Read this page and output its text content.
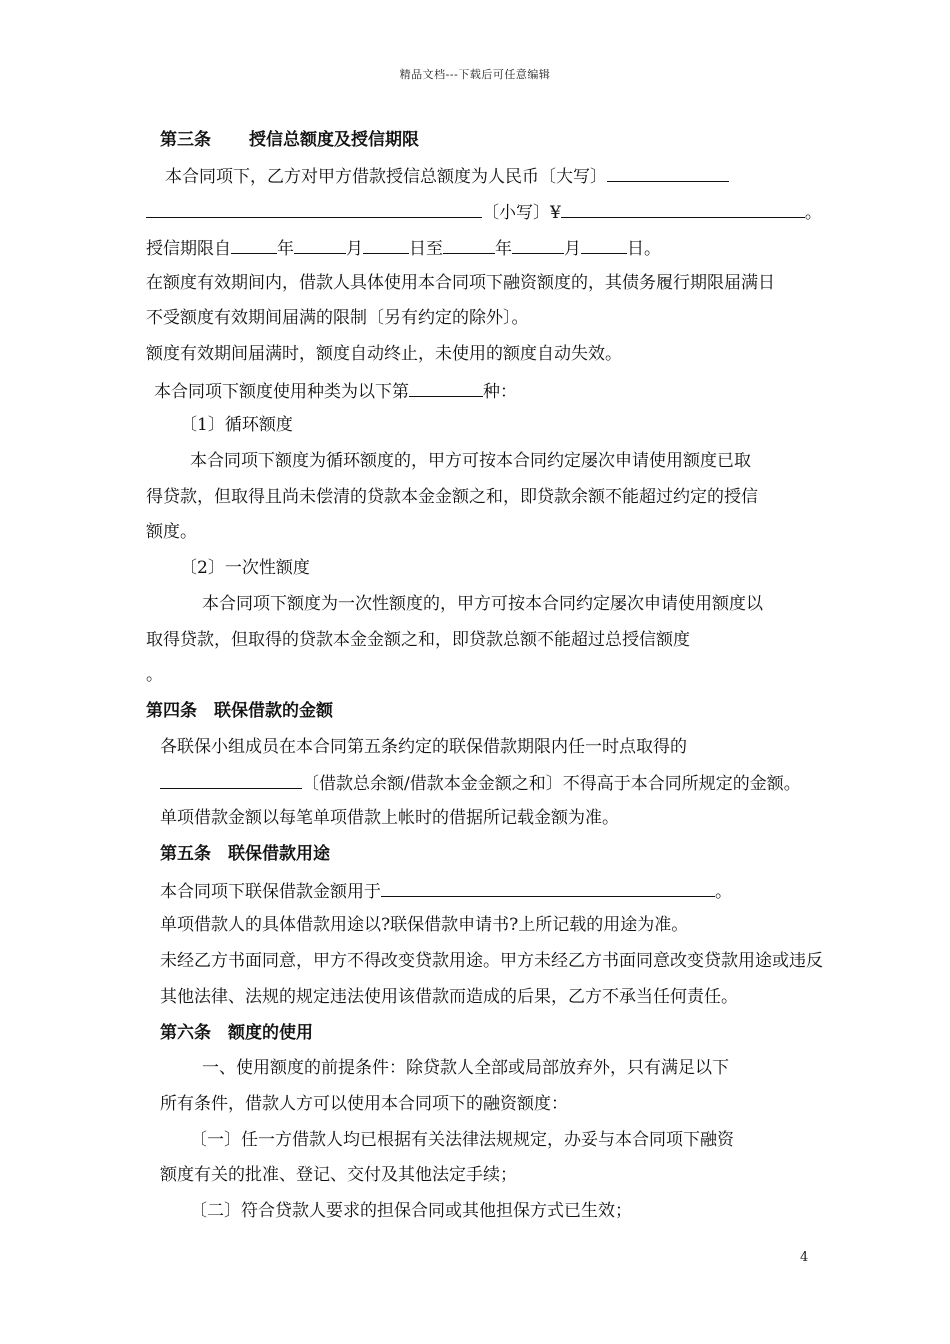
精品文档---下载后可任意编辑
第三条 授信总额度及授信期限
本合同项下，乙方对甲方借款授信总额度为人民币〔大写〕
〔小写〕¥	。
授信期限自	年	月	日至	年	月	日。
在额度有效期间内，借款人具体使用本合同项下融资额度的，其债务履行期限届满日
不受额度有效期间届满的限制〔另有约定的除外〕。
额度有效期间届满时，额度自动终止，未使用的额度自动失效。
本合同项下额度使用种类为以下第	种：
〔1〕循环额度
本合同项下额度为循环额度的，甲方可按本合同约定屡次申请使用额度已取
得贷款，但取得且尚未偿清的贷款本金金额之和，即贷款余额不能超过约定的授信
额度。
〔2〕一次性额度
本合同项下额度为一次性额度的，甲方可按本合同约定屡次申请使用额度以
取得贷款，但取得的贷款本金金额之和，即贷款总额不能超过总授信额度
。
第四条　联保借款的金额
各联保小组成员在本合同第五条约定的联保借款期限内任一时点取得的
〔借款总余额/借款本金金额之和〕不得高于本合同所规定的金额。
单项借款金额以每笔单项借款上帐时的借据所记载金额为准。
第五条　联保借款用途
本合同项下联保借款金额用于	。
单项借款人的具体借款用途以?联保借款申请书?上所记载的用途为准。
未经乙方书面同意，甲方不得改变贷款用途。甲方未经乙方书面同意改变贷款用途或违反
其他法律、法规的规定违法使用该借款而造成的后果，乙方不承当任何责任。
第六条　额度的使用
一、使用额度的前提条件：除贷款人全部或局部放弃外，只有满足以下
所有条件，借款人方可以使用本合同项下的融资额度：
〔一〕任一方借款人均已根据有关法律法规规定，办妥与本合同项下融资
额度有关的批准、登记、交付及其他法定手续；
〔二〕符合贷款人要求的担保合同或其他担保方式已生效；
4
